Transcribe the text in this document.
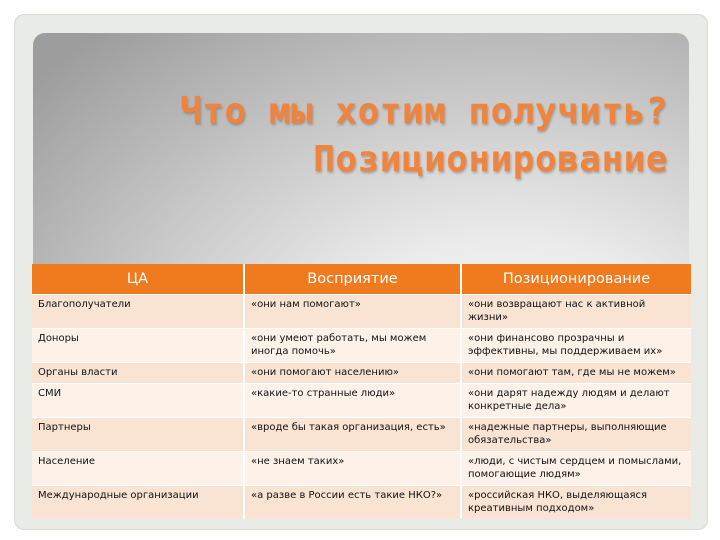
Что мы хотим получить?
Позиционирование
ЦА	Восприятие	Позиционирование
Благополучатели	«они нам помогают»	«они возвращают нас к активной жизни»
Доноры	«они умеют работать, мы можем иногда помочь»	«они финансово прозрачны и эффективны, мы поддерживаем их»
Органы власти	«они помогают населению»	«они помогают там, где мы не можем»
СМИ	«какие-то странные люди»	«они дарят надежду людям и делают конкретные дела»
Партнеры	«вроде бы такая организация, есть»	«надежные партнеры, выполняющие обязательства»
Население	«не знаем таких»	«люди, с чистым сердцем и помыслами, помогающие людям»
Международные организации	«а разве в России есть такие НКО?»	«российская НКО, выделяющаяся креативным подходом»
